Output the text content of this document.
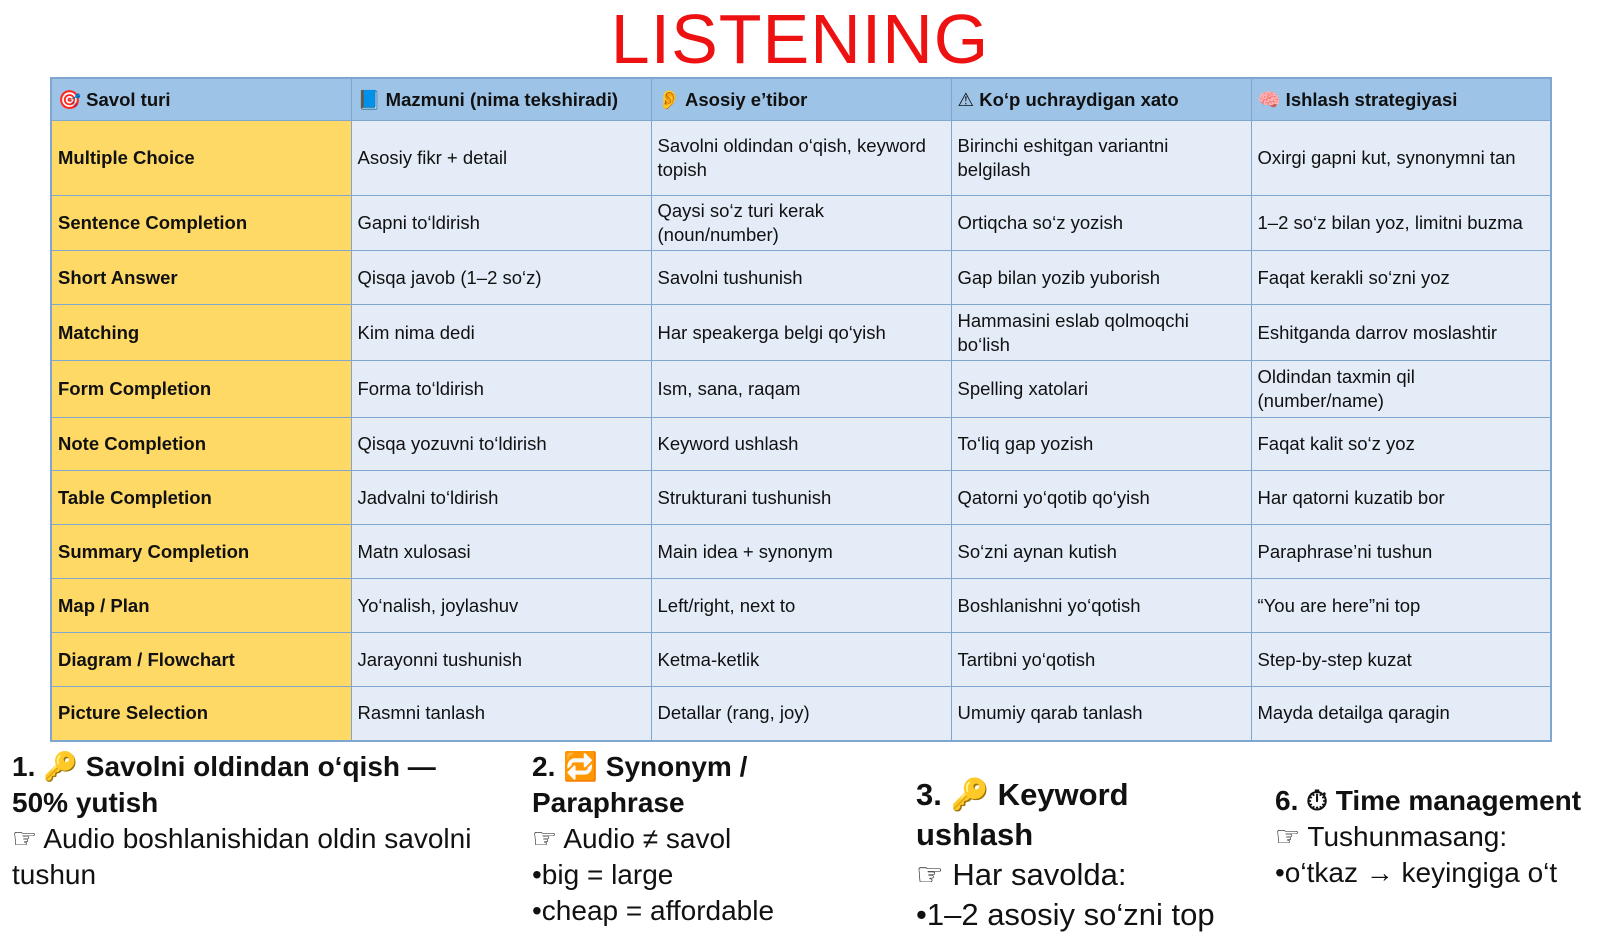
LISTENING
🎯 Savol turi	📘 Mazmuni (nima tekshiradi)	👂 Asosiy e’tibor	⚠ Ko‘p uchraydigan xato	🧠 Ishlash strategiyasi
Multiple Choice	Asosiy fikr + detail	Savolni oldindan o‘qish, keyword topish	Birinchi eshitgan variantni belgilash	Oxirgi gapni kut, synonymni tan
Sentence Completion	Gapni to‘ldirish	Qaysi so‘z turi kerak (noun/number)	Ortiqcha so‘z yozish	1–2 so‘z bilan yoz, limitni buzma
Short Answer	Qisqa javob (1–2 so‘z)	Savolni tushunish	Gap bilan yozib yuborish	Faqat kerakli so‘zni yoz
Matching	Kim nima dedi	Har speakerga belgi qo‘yish	Hammasini eslab qolmoqchi bo‘lish	Eshitganda darrov moslashtir
Form Completion	Forma to‘ldirish	Ism, sana, raqam	Spelling xatolari	Oldindan taxmin qil (number/name)
Note Completion	Qisqa yozuvni to‘ldirish	Keyword ushlash	To‘liq gap yozish	Faqat kalit so‘z yoz
Table Completion	Jadvalni to‘ldirish	Strukturani tushunish	Qatorni yo‘qotib qo‘yish	Har qatorni kuzatib bor
Summary Completion	Matn xulosasi	Main idea + synonym	So‘zni aynan kutish	Paraphrase’ni tushun
Map / Plan	Yo‘nalish, joylashuv	Left/right, next to	Boshlanishni yo‘qotish	“You are here”ni top
Diagram / Flowchart	Jarayonni tushunish	Ketma-ketlik	Tartibni yo‘qotish	Step-by-step kuzat
Picture Selection	Rasmni tanlash	Detallar (rang, joy)	Umumiy qarab tanlash	Mayda detailga qaragin
1. 🔑 Savolni oldindan o‘qish — 50% yutish
☞ Audio boshlanishidan oldin savolni tushun
2. 🔁 Synonym / Paraphrase
☞ Audio ≠ savol
•big = large
•cheap = affordable
3. 🔑 Keyword ushlash
☞ Har savolda:
•1–2 asosiy so‘zni top
6. ⏱ Time management
☞ Tushunmasang:
•o‘tkaz → keyingiga o‘t
